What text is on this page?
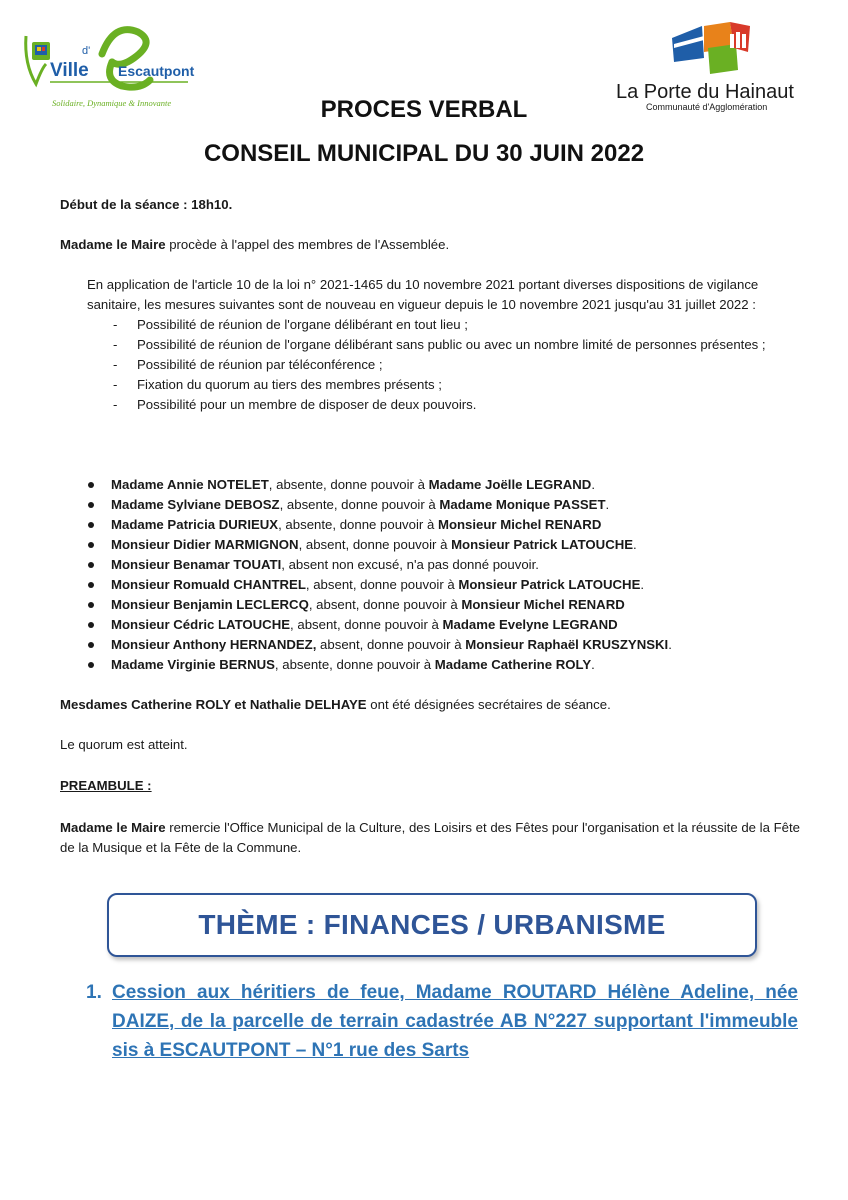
Ville
d'
Escautpont
Solidaire, Dynamique & Innovante	La Porte du Hainaut
Communauté d'Agglomération
PROCES VERBAL
CONSEIL MUNICIPAL DU 30 JUIN 2022
Début de la séance : 18h10.
Madame le Maire procède à l'appel des membres de l'Assemblée.
En application de l'article 10 de la loi n° 2021-1465 du 10 novembre 2021 portant diverses dispositions de vigilance sanitaire, les mesures suivantes sont de nouveau en vigueur depuis le 10 novembre 2021 jusqu'au 31 juillet 2022 :
- Possibilité de réunion de l'organe délibérant en tout lieu ;
- Possibilité de réunion de l'organe délibérant sans public ou avec un nombre limité de personnes présentes ;
- Possibilité de réunion par téléconférence ;
- Fixation du quorum au tiers des membres présents ;
- Possibilité pour un membre de disposer de deux pouvoirs.
Madame Annie NOTELET, absente, donne pouvoir à Madame Joëlle LEGRAND.
Madame Sylviane DEBOSZ, absente, donne pouvoir à Madame Monique PASSET.
Madame Patricia DURIEUX, absente, donne pouvoir à Monsieur Michel RENARD
Monsieur Didier MARMIGNON, absent, donne pouvoir à Monsieur Patrick LATOUCHE.
Monsieur Benamar TOUATI, absent non excusé, n'a pas donné pouvoir.
Monsieur Romuald CHANTREL, absent, donne pouvoir à Monsieur Patrick LATOUCHE.
Monsieur Benjamin LECLERCQ, absent, donne pouvoir à Monsieur Michel RENARD
Monsieur Cédric LATOUCHE, absent, donne pouvoir à Madame Evelyne LEGRAND
Monsieur Anthony HERNANDEZ, absent, donne pouvoir à Monsieur Raphaël KRUSZYNSKI.
Madame Virginie BERNUS, absente, donne pouvoir à Madame Catherine ROLY.
Mesdames Catherine ROLY et Nathalie DELHAYE ont été désignées secrétaires de séance.
Le quorum est atteint.
PREAMBULE :
Madame le Maire remercie l'Office Municipal de la Culture, des Loisirs et des Fêtes pour l'organisation et la réussite de la Fête de la Musique et la Fête de la Commune.
THÈME : FINANCES / URBANISME
1. Cession aux héritiers de feue, Madame ROUTARD Hélène Adeline, née DAIZE, de la parcelle de terrain cadastrée AB N°227 supportant l'immeuble sis à ESCAUTPONT – N°1 rue des Sarts
